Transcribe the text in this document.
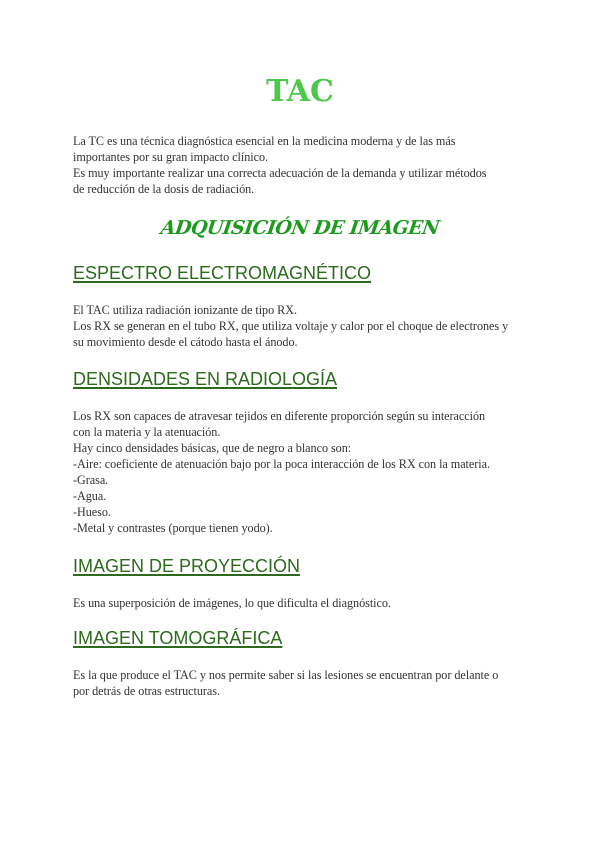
TAC

La TC es una técnica diagnóstica esencial en la medicina moderna y de las más
importantes por su gran impacto clínico.
Es muy importante realizar una correcta adecuación de la demanda y utilizar métodos
de reducción de la dosis de radiación.

ADQUISICIÓN DE IMAGEN
ESPECTRO ELECTROMAGNÉTICO

El TAC utiliza radiación ionizante de tipo RX.
Los RX se generan en el tubo RX, que utiliza voltaje y calor por el choque de electrones y
su movimiento desde el cátodo hasta el ánodo.

DENSIDADES EN RADIOLOGÍA

Los RX son capaces de atravesar tejidos en diferente proporción según su interacción
con la materia y la atenuación.
Hay cinco densidades básicas, que de negro a blanco son:
-Aire: coeficiente de atenuación bajo por la poca interacción de los RX con la materia.
-Grasa.
-Agua.
-Hueso.
-Metal y contrastes (porque tienen yodo).

IMAGEN DE PROYECCIÓN

Es una superposición de imágenes, lo que dificulta el diagnóstico.

IMAGEN TOMOGRÁFICA

Es la que produce el TAC y nos permite saber si las lesiones se encuentran por delante o
por detrás de otras estructuras.
